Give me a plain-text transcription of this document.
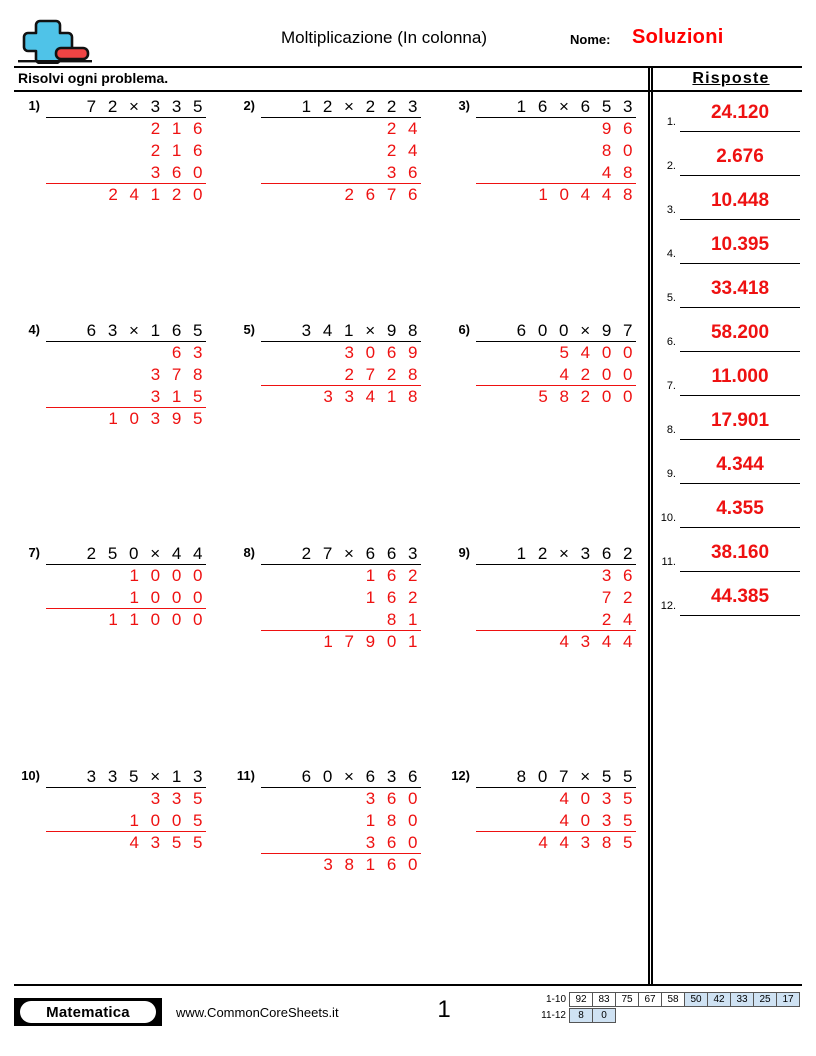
Moltiplicazione (In colonna)	Nome: Soluzioni
Risolvi ogni problema.
1)	7 2 × 3 3 5
2 1 6
2 1 6
3 6 0
2 4 1 2 0
2)	1 2 × 2 2 3
2 4
2 4
3 6
2 6 7 6
3)	1 6 × 6 5 3
9 6
8 0
4 8
1 0 4 4 8
4)	6 3 × 1 6 5
6 3
3 7 8
3 1 5
1 0 3 9 5
5)	3 4 1 × 9 8
3 0 6 9
2 7 2 8
3 3 4 1 8
6)	6 0 0 × 9 7
5 4 0 0
4 2 0 0
5 8 2 0 0
7)	2 5 0 × 4 4
1 0 0 0
1 0 0 0
1 1 0 0 0
8)	2 7 × 6 6 3
1 6 2
1 6 2
8 1
1 7 9 0 1
9)	1 2 × 3 6 2
3 6
7 2
2 4
4 3 4 4
10)	3 3 5 × 1 3
3 3 5
1 0 0 5
4 3 5 5
11)	6 0 × 6 3 6
3 6 0
1 8 0
3 6 0
3 8 1 6 0
12)	8 0 7 × 5 5
4 0 3 5
4 0 3 5
4 4 3 8 5
Risposte
1.	24.120
2.	2.676
3.	10.448
4.	10.395
5.	33.418
6.	58.200
7.	11.000
8.	17.901
9.	4.344
10.	4.355
11.	38.160
12.	44.385
Matematica	www.CommonCoreSheets.it	1	1-10 92	83	75	67	58	50	42	33	25	17
11-12	8	0
